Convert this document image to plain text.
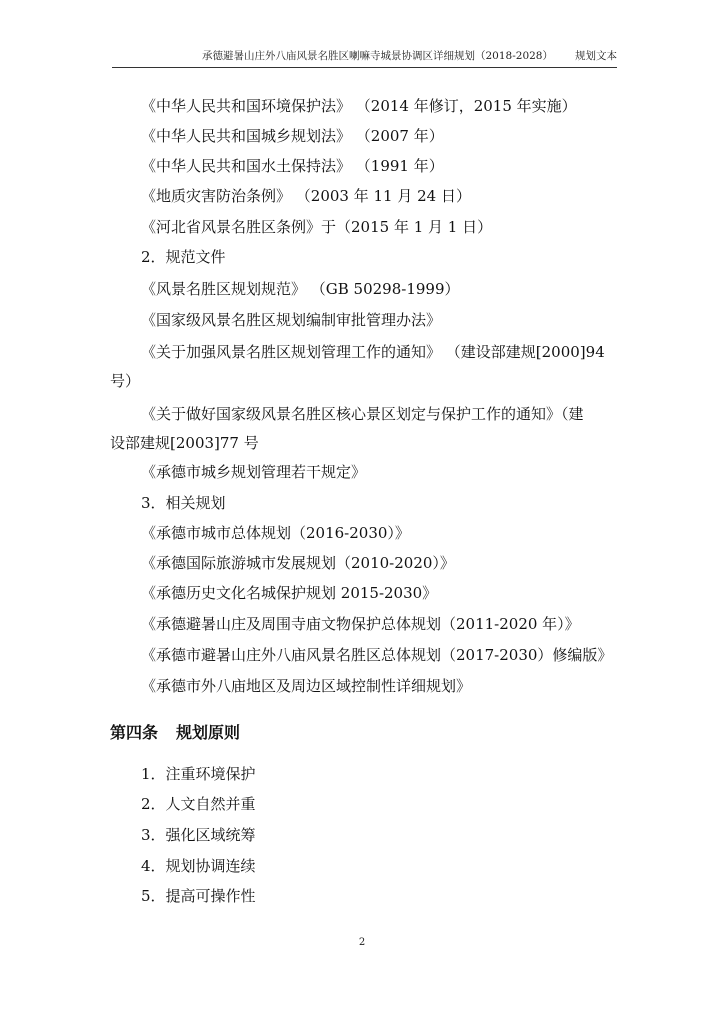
承德避暑山庄外八庙风景名胜区喇嘛寺城景协调区详细规划（2018-2028） 规划文本
《中华人民共和国环境保护法》 （2014 年修订，2015 年实施）
《中华人民共和国城乡规划法》 （2007 年）
《中华人民共和国水土保持法》 （1991 年）
《地质灾害防治条例》 （2003 年 11 月 24 日）
《河北省风景名胜区条例》于（2015 年 1 月 1 日）
2．规范文件
《风景名胜区规划规范》 （GB 50298-1999）
《国家级风景名胜区规划编制审批管理办法》
《关于加强风景名胜区规划管理工作的通知》 （建设部建规[2000]94
号）
《关于做好国家级风景名胜区核心景区划定与保护工作的通知》（建
设部建规[2003]77 号
《承德市城乡规划管理若干规定》
3．相关规划
《承德市城市总体规划（2016-2030）》
《承德国际旅游城市发展规划（2010-2020）》
《承德历史文化名城保护规划 2015-2030》
《承德避暑山庄及周围寺庙文物保护总体规划（2011-2020 年）》
《承德市避暑山庄外八庙风景名胜区总体规划（2017-2030）修编版》
《承德市外八庙地区及周边区域控制性详细规划》
第四条 规划原则
1．注重环境保护
2．人文自然并重
3．强化区域统筹
4．规划协调连续
5．提高可操作性
2
